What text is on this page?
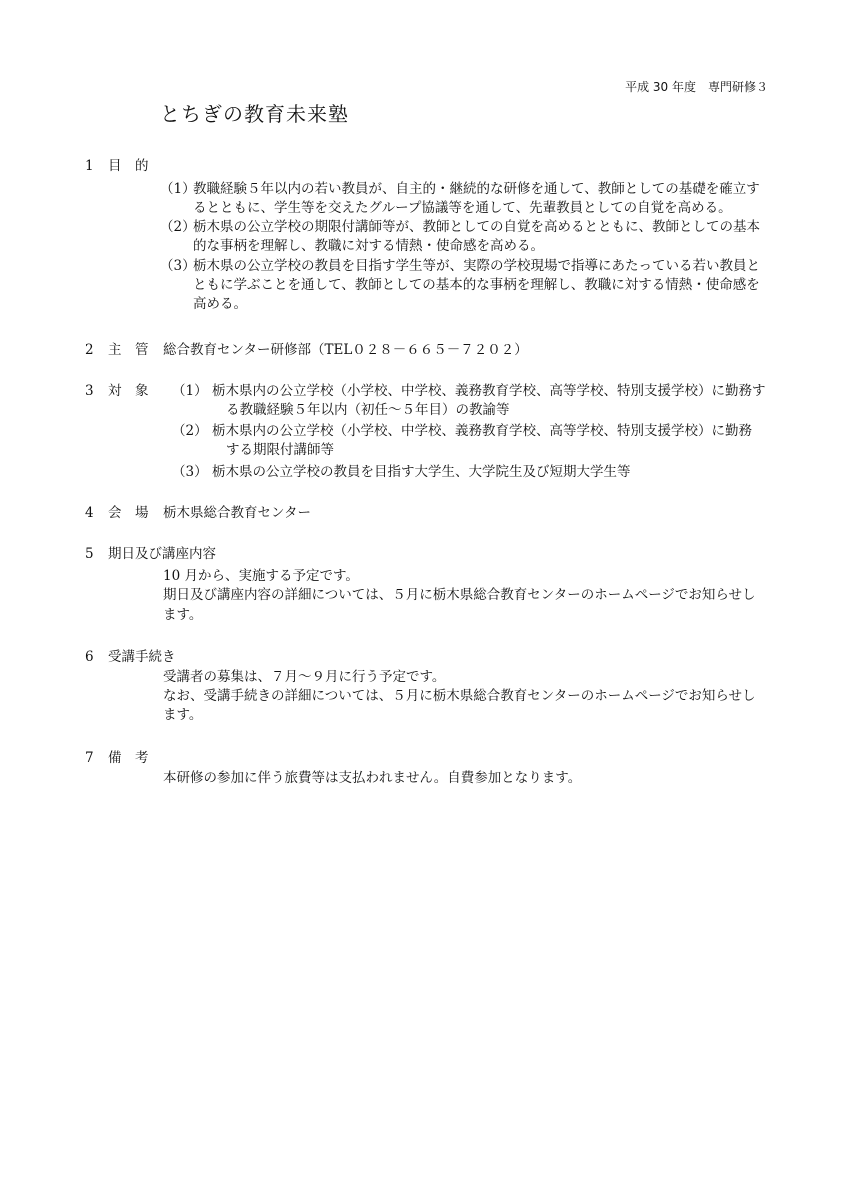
平成 30 年度　専門研修３
とちぎの教育未来塾
1 目　的
（1）
教職経験５年以内の若い教員が、自主的・継続的な研修を通して、教師としての基礎を確立す
るとともに、学生等を交えたグループ協議等を通して、先輩教員としての自覚を高める。
（2）
栃木県の公立学校の期限付講師等が、教師としての自覚を高めるとともに、教師としての基本
的な事柄を理解し、教職に対する情熱・使命感を高める。
（3）
栃木県の公立学校の教員を目指す学生等が、実際の学校現場で指導にあたっている若い教員と
ともに学ぶことを通して、教師としての基本的な事柄を理解し、教職に対する情熱・使命感を
高める。
2 主　管 総合教育センター研修部（TEL０２８－６６５－７２０２）
3 対　象 （1） 栃木県内の公立学校（小学校、中学校、義務教育学校、高等学校、特別支援学校）に勤務す
る教職経験５年以内（初任～５年目）の教諭等
（2） 栃木県内の公立学校（小学校、中学校、義務教育学校、高等学校、特別支援学校）に勤務
する期限付講師等
（3） 栃木県の公立学校の教員を目指す大学生、大学院生及び短期大学生等
4 会　場 栃木県総合教育センター
5 期日及び講座内容
10 月から、実施する予定です。
期日及び講座内容の詳細については、５月に栃木県総合教育センターのホームページでお知らせし
ます。
6 受講手続き
受講者の募集は、７月～９月に行う予定です。
なお、受講手続きの詳細については、５月に栃木県総合教育センターのホームページでお知らせし
ます。
7 備　考
本研修の参加に伴う旅費等は支払われません。自費参加となります。
